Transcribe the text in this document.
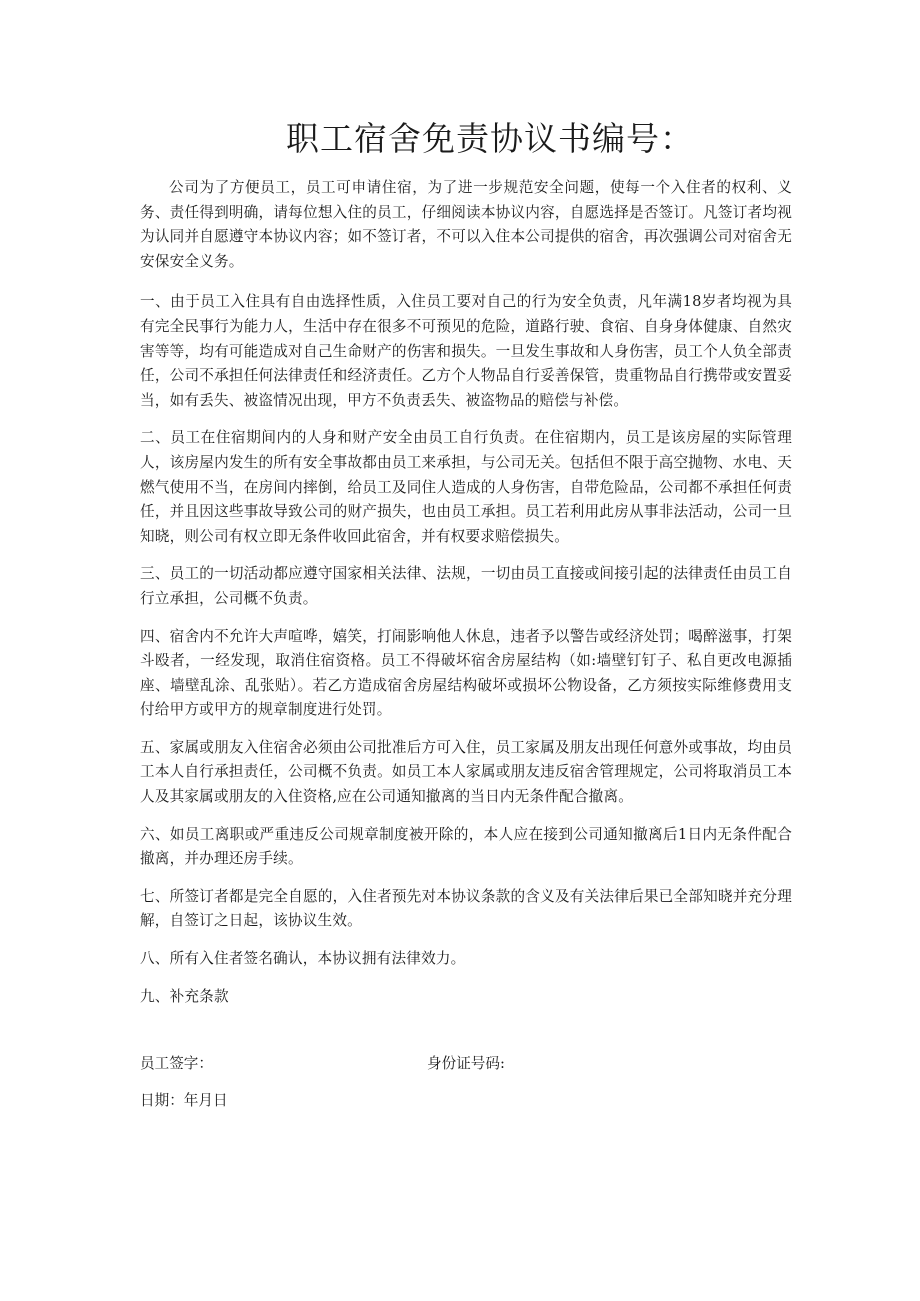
职工宿舍免责协议书编号：

公司为了方便员工，员工可申请住宿，为了进一步规范安全问题，使每一个入住者的权利、义务、责任得到明确，请每位想入住的员工，仔细阅读本协议内容，自愿选择是否签订。凡签订者均视为认同并自愿遵守本协议内容；如不签订者，不可以入住本公司提供的宿舍，再次强调公司对宿舍无安保安全义务。

一、由于员工入住具有自由选择性质，入住员工要对自己的行为安全负责，凡年满18岁者均视为具有完全民事行为能力人，生活中存在很多不可预见的危险，道路行驶、食宿、自身身体健康、自然灾害等等，均有可能造成对自己生命财产的伤害和损失。一旦发生事故和人身伤害，员工个人负全部责任，公司不承担任何法律责任和经济责任。乙方个人物品自行妥善保管，贵重物品自行携带或安置妥当，如有丢失、被盗情况出现，甲方不负责丢失、被盗物品的赔偿与补偿。

二、员工在住宿期间内的人身和财产安全由员工自行负责。在住宿期内，员工是该房屋的实际管理人，该房屋内发生的所有安全事故都由员工来承担，与公司无关。包括但不限于高空抛物、水电、天燃气使用不当，在房间内摔倒，给员工及同住人造成的人身伤害，自带危险品，公司都不承担任何责任，并且因这些事故导致公司的财产损失，也由员工承担。员工若利用此房从事非法活动，公司一旦知晓，则公司有权立即无条件收回此宿舍，并有权要求赔偿损失。

三、员工的一切活动都应遵守国家相关法律、法规，一切由员工直接或间接引起的法律责任由员工自行立承担，公司概不负责。

四、宿舍内不允许大声喧哗，嬉笑，打闹影响他人休息，违者予以警告或经济处罚；喝醉滋事，打架斗殴者，一经发现，取消住宿资格。员工不得破坏宿舍房屋结构（如:墙壁钉钉子、私自更改电源插座、墙壁乱涂、乱张贴）。若乙方造成宿舍房屋结构破坏或损坏公物设备，乙方须按实际维修费用支付给甲方或甲方的规章制度进行处罚。

五、家属或朋友入住宿舍必须由公司批准后方可入住，员工家属及朋友出现任何意外或事故，均由员工本人自行承担责任，公司概不负责。如员工本人家属或朋友违反宿舍管理规定，公司将取消员工本人及其家属或朋友的入住资格,应在公司通知撤离的当日内无条件配合撤离。

六、如员工离职或严重违反公司规章制度被开除的，本人应在接到公司通知撤离后1日内无条件配合撤离，并办理还房手续。

七、所签订者都是完全自愿的，入住者预先对本协议条款的含义及有关法律后果已全部知晓并充分理解，自签订之日起，该协议生效。

八、所有入住者签名确认，本协议拥有法律效力。

九、补充条款

员工签字：	身份证号码:
日期：年月日
